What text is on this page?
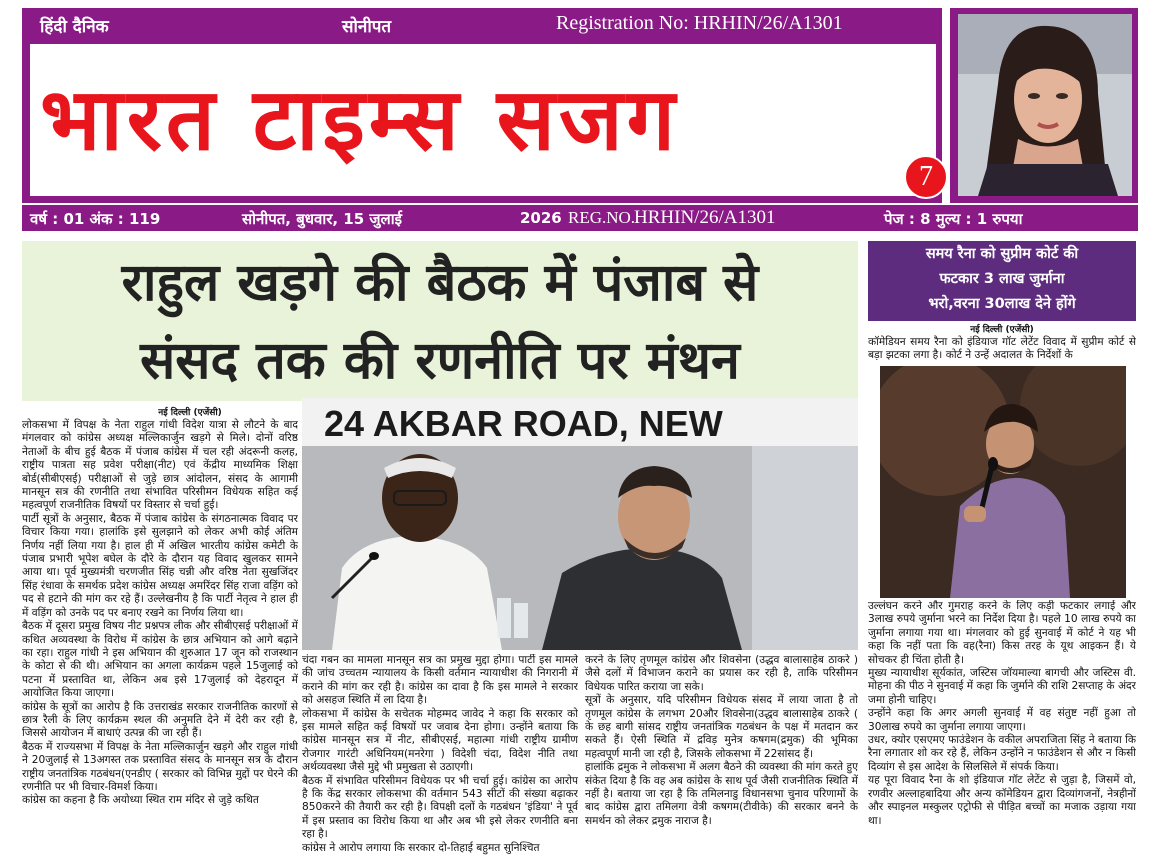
हिंदी दैनिक	सोनीपत	Registration No: HRHIN/26/A1301
भारत टाइम्स सजग
7
वर्ष : 01 अंक : 119	सोनीपत, बुधवार, 15 जुलाई	2026 REG.NO.
HRHIN/26/A1301	पेज : 8 मुल्य : 1 रुपया
राहुल खड़गे की बैठक में पंजाब से
संसद तक की रणनीति पर मंथन
नई दिल्ली (एजेंसी)

लोकसभा में विपक्ष के नेता राहुल गांधी विदेश यात्रा से लौटने के बाद मंगलवार को कांग्रेस अध्यक्ष मल्लिकार्जुन खड़गे से मिले। दोनों वरिष्ठ नेताओं के बीच हुई बैठक में पंजाब कांग्रेस में चल रही अंदरूनी कलह, राष्ट्रीय पात्रता सह प्रवेश परीक्षा(नीट) एवं केंद्रीय माध्यमिक शिक्षा बोर्ड(सीबीएसई) परीक्षाओं से जुड़े छात्र आंदोलन, संसद के आगामी मानसून सत्र की रणनीति तथा संभावित परिसीमन विधेयक सहित कई महत्वपूर्ण राजनीतिक विषयों पर विस्तार से चर्चा हुई।

पार्टी सूत्रों के अनुसार, बैठक में पंजाब कांग्रेस के संगठनात्मक विवाद पर विचार किया गया। हालांकि इसे सुलझाने को लेकर अभी कोई अंतिम निर्णय नहीं लिया गया है। हाल ही में अखिल भारतीय कांग्रेस कमेटी के पंजाब प्रभारी भूपेश बघेल के दौरे के दौरान यह विवाद खुलकर सामने आया था। पूर्व मुख्यमंत्री चरणजीत सिंह चन्नी और वरिष्ठ नेता सुखजिंदर सिंह रंधावा के समर्थक प्रदेश कांग्रेस अध्यक्ष अमरिंदर सिंह राजा वड़िंग को पद से हटाने की मांग कर रहे हैं। उल्लेखनीय है कि पार्टी नेतृत्व ने हाल ही में वड़िंग को उनके पद पर बनाए रखने का निर्णय लिया था।

बैठक में दूसरा प्रमुख विषय नीट प्रश्नपत्र लीक और सीबीएसई परीक्षाओं में कथित अव्यवस्था के विरोध में कांग्रेस के छात्र अभियान को आगे बढ़ाने का रहा। राहुल गांधी ने इस अभियान की शुरुआत 17 जून को राजस्थान के कोटा से की थी। अभियान का अगला कार्यक्रम पहले 15जुलाई को पटना में प्रस्तावित था, लेकिन अब इसे 17जुलाई को देहरादून में आयोजित किया जाएगा।

कांग्रेस के सूत्रों का आरोप है कि उत्तराखंड सरकार राजनीतिक कारणों से छात्र रैली के लिए कार्यक्रम स्थल की अनुमति देने में देरी कर रही है, जिससे आयोजन में बाधाएं उत्पन्न की जा रही हैं।

बैठक में राज्यसभा में विपक्ष के नेता मल्लिकार्जुन खड़गे और राहुल गांधी ने 20जुलाई से 13अगस्त तक प्रस्तावित संसद के मानसून सत्र के दौरान राष्ट्रीय जनतांत्रिक गठबंधन(एनडीए ( सरकार को विभिन्न मुद्दों पर घेरने की रणनीति पर भी विचार-विमर्श किया।

कांग्रेस का कहना है कि अयोध्या स्थित राम मंदिर से जुड़े कथित

24 AKBAR ROAD, NEW

चंदा गबन का मामला मानसून सत्र का प्रमुख मुद्दा होगा। पार्टी इस मामले की जांच उच्चतम न्यायालय के किसी वर्तमान न्यायाधीश की निगरानी में कराने की मांग कर रही है। कांग्रेस का दावा है कि इस मामले ने सरकार को असहज स्थिति में ला दिया है।

लोकसभा में कांग्रेस के सचेतक मोहम्मद जावेद ने कहा कि सरकार को इस मामले सहित कई विषयों पर जवाब देना होगा। उन्होंने बताया कि कांग्रेस मानसून सत्र में नीट, सीबीएसई, महात्मा गांधी राष्ट्रीय ग्रामीण रोजगार गारंटी अधिनियम(मनरेगा ) विदेशी चंदा, विदेश नीति तथा अर्थव्यवस्था जैसे मुद्दे भी प्रमुखता से उठाएगी।

बैठक में संभावित परिसीमन विधेयक पर भी चर्चा हुई। कांग्रेस का आरोप है कि केंद्र सरकार लोकसभा की वर्तमान 543 सीटों की संख्या बढ़ाकर 850करने की तैयारी कर रही है। विपक्षी दलों के गठबंधन 'इंडिया' ने पूर्व में इस प्रस्ताव का विरोध किया था और अब भी इसे लेकर रणनीति बना रहा है।

कांग्रेस ने आरोप लगाया कि सरकार दो-तिहाई बहुमत सुनिश्चित

करने के लिए तृणमूल कांग्रेस और शिवसेना (उद्धव बालासाहेब ठाकरे ) जैसे दलों में विभाजन कराने का प्रयास कर रही है, ताकि परिसीमन विधेयक पारित कराया जा सके।

सूत्रों के अनुसार, यदि परिसीमन विधेयक संसद में लाया जाता है तो तृणमूल कांग्रेस के लगभग 20और शिवसेना(उद्धव बालासाहेब ठाकरे ( के छह बागी सांसद राष्ट्रीय जनतांत्रिक गठबंधन के पक्ष में मतदान कर सकते हैं। ऐसी स्थिति में द्रविड़ मुनेत्र कषगम(द्रमुक) की भूमिका महत्वपूर्ण मानी जा रही है, जिसके लोकसभा में 22सांसद हैं।

हालांकि द्रमुक ने लोकसभा में अलग बैठने की व्यवस्था की मांग करते हुए संकेत दिया है कि वह अब कांग्रेस के साथ पूर्व जैसी राजनीतिक स्थिति में नहीं है। बताया जा रहा है कि तमिलनाडु विधानसभा चुनाव परिणामों के बाद कांग्रेस द्वारा तमिलगा वेत्री कषगम(टीवीके) की सरकार बनने के समर्थन को लेकर द्रमुक नाराज है।

समय रैना को सुप्रीम कोर्ट की
फटकार 3 लाख जुर्माना
भरो,वरना 30लाख देने होंगे
नई दिल्ली (एजेंसी)
कॉमेडियन समय रैना को इंडियाज गॉट लेटेंट विवाद में सुप्रीम कोर्ट से बड़ा झटका लगा है। कोर्ट ने उन्हें अदालत के निर्देशों के

उल्लंघन करने और गुमराह करने के लिए कड़ी फटकार लगाई और 3लाख रुपये जुर्माना भरने का निर्देश दिया है। पहले 10 लाख रुपये का जुर्माना लगाया गया था। मंगलवार को हुई सुनवाई में कोर्ट ने यह भी कहा कि नहीं पता कि वह(रैना) किस तरह के यूथ आइकन हैं। ये सोचकर ही चिंता होती है।

मुख्य न्यायाधीश सूर्यकांत, जस्टिस जॉयमाल्या बागची और जस्टिस वी. मोहना की पीठ ने सुनवाई में कहा कि जुर्माने की राशि 2सप्ताह के अंदर जमा होनी चाहिए।

उन्होंने कहा कि अगर अगली सुनवाई में वह संतुष्ट नहीं हुआ तो 30लाख रुपये का जुर्माना लगाया जाएगा।

उधर, क्योर एसएमए फाउंडेशन के वकील अपराजिता सिंह ने बताया कि रैना लगातार शो कर रहे हैं, लेकिन उन्होंने न फाउंडेशन से और न किसी दिव्यांग से इस आदेश के सिलसिले में संपर्क किया।

यह पूरा विवाद रैना के शो इंडियाज गॉट लेटेंट से जुड़ा है, जिसमें वो, रणवीर अल्लाहबादिया और अन्य कॉमेडियन द्वारा दिव्यांगजनों, नेत्रहीनों और स्पाइनल मस्कुलर एट्रोफी से पीड़ित बच्चों का मजाक उड़ाया गया था।
